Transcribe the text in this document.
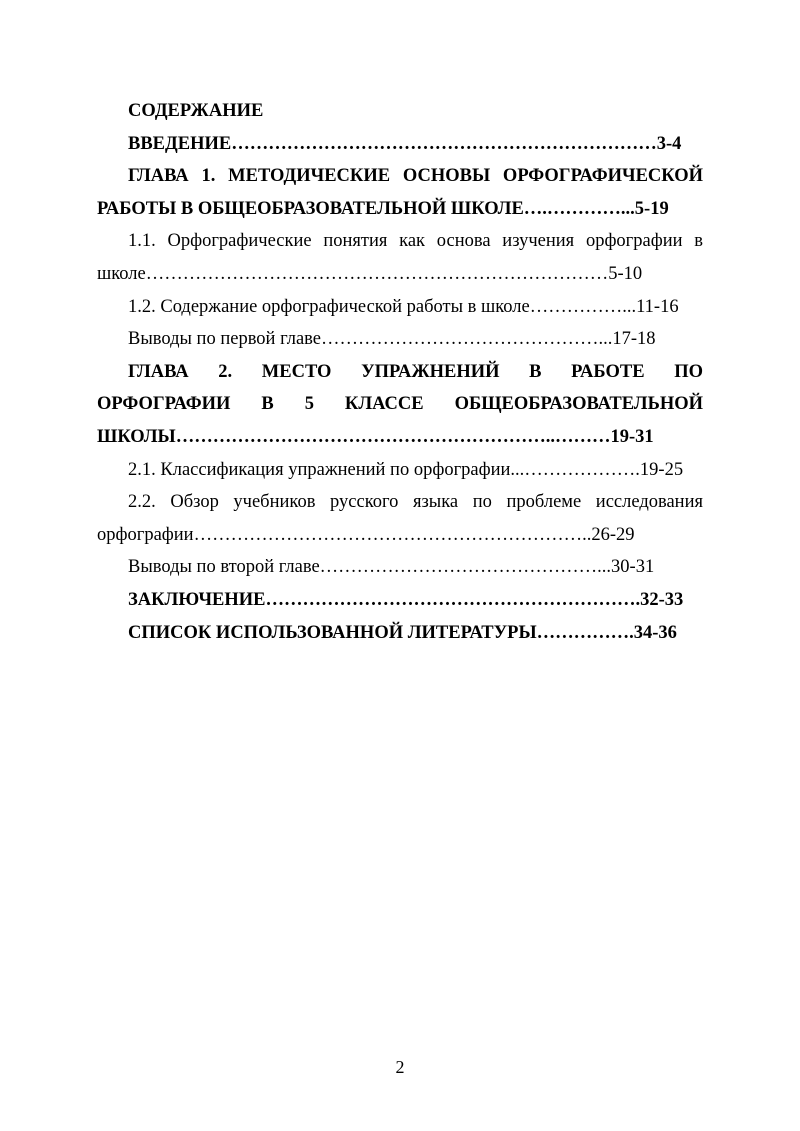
СОДЕРЖАНИЕ
ВВЕДЕНИЕ……………………………………………………………3-4
ГЛАВА 1. МЕТОДИЧЕСКИЕ ОСНОВЫ ОРФОГРАФИЧЕСКОЙ
РАБОТЫ В ОБЩЕОБРАЗОВАТЕЛЬНОЙ ШКОЛЕ….…………...5-19
1.1. Орфографические понятия как основа изучения орфографии в
школе…………………………………………………………………5-10
1.2. Содержание орфографической работы в школе……………...11-16
Выводы по первой главе………………………………………...17-18
ГЛАВА 2. МЕСТО УПРАЖНЕНИЙ В РАБОТЕ ПО
ОРФОГРАФИИ В 5 КЛАССЕ ОБЩЕОБРАЗОВАТЕЛЬНОЙ
ШКОЛЫ……………………………………………………..………19-31
2.1. Классификация упражнений по орфографии...……………….19-25
2.2. Обзор учебников русского языка по проблеме исследования
орфографии………………………………………………………..26-29
Выводы по второй главе………………………………………...30-31
ЗАКЛЮЧЕНИЕ…………………………………………………….32-33
СПИСОК ИСПОЛЬЗОВАННОЙ ЛИТЕРАТУРЫ…………….34-36
2
